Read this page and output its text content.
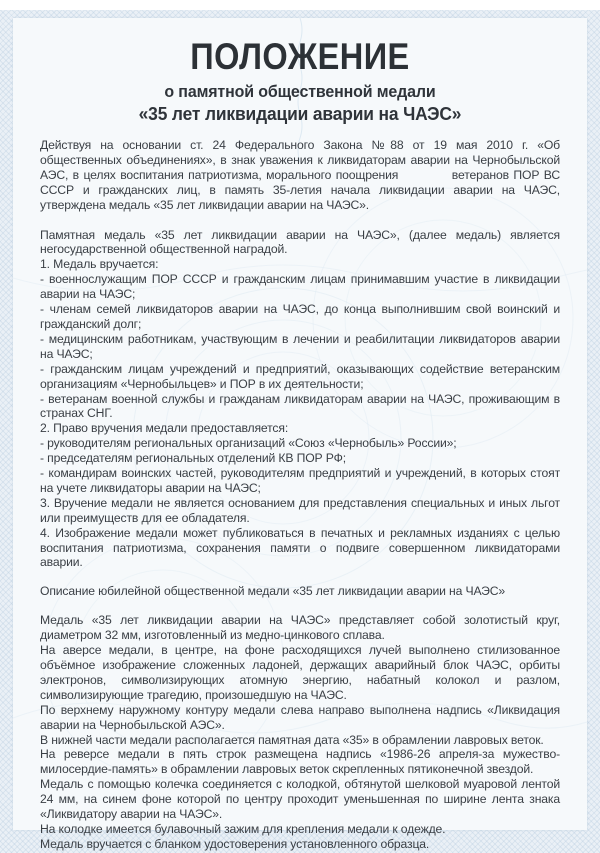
ПОЛОЖЕНИЕ
о памятной общественной медали
«35 лет ликвидации аварии на ЧАЭС»

Действуя на основании ст. 24 Федерального Закона №88 от 19 мая 2010 г. «Об общественных объединениях», в знак уважения к ликвидаторам аварии на Чернобыльской АЭС, в целях воспитания патриотизма, морального поощрения            ветеранов ПОР ВС СССР и гражданских лиц, в память 35-летия начала ликвидации аварии на ЧАЭС, утверждена медаль «35 лет ликвидации аварии на ЧАЭС».

Памятная медаль «35 лет ликвидации аварии на ЧАЭС», (далее медаль) является негосударственной общественной наградой.

1. Медаль вручается:

- военнослужащим ПОР СССР и гражданским лицам принимавшим участие в ликвидации аварии на ЧАЭС;

- членам семей ликвидаторов аварии на ЧАЭС, до конца выполнившим свой воинский и гражданский долг;

- медицинским работникам, участвующим в лечении и реабилитации ликвидаторов аварии на ЧАЭС;

- гражданским лицам учреждений и предприятий, оказывающих содействие ветеранским организациям «Чернобыльцев» и ПОР в их деятельности;

- ветеранам военной службы и гражданам ликвидаторам аварии на ЧАЭС, проживающим в странах СНГ.

2. Право вручения медали предоставляется:

- руководителям региональных организаций «Союз «Чернобыль» России»;

- председателям региональных отделений КВ ПОР РФ;

- командирам воинских частей, руководителям предприятий и учреждений, в которых стоят на учете ликвидаторы аварии на ЧАЭС;

3. Вручение медали не является основанием для представления специальных и иных льгот или преимуществ для ее обладателя.

4. Изображение медали может публиковаться в печатных и рекламных изданиях с целью воспитания патриотизма, сохранения памяти о подвиге совершенном ликвидаторами аварии.

Описание юбилейной общественной медали «35 лет ликвидации аварии на ЧАЭС»

Медаль «35 лет ликвидации аварии на ЧАЭС» представляет собой золотистый круг, диаметром 32 мм, изготовленный из медно-цинкового сплава.

На аверсе медали, в центре, на фоне расходящихся лучей выполнено стилизованное объёмное изображение сложенных ладоней, держащих аварийный блок ЧАЭС, орбиты электронов, символизирующих атомную энергию, набатный колокол и разлом, символизирующие трагедию, произошедшую на ЧАЭС.

По верхнему наружному контуру медали слева направо выполнена надпись «Ликвидация аварии на Чернобыльской АЭС».

В нижней части медали располагается памятная дата «35» в обрамлении лавровых веток.

На реверсе медали в пять строк размещена надпись «1986-26 апреля-за мужество-милосердие-память» в обрамлении лавровых веток скрепленных пятиконечной звездой.

Медаль с помощью колечка соединяется с колодкой, обтянутой шелковой муаровой лентой 24 мм, на синем фоне которой по центру проходит уменьшенная по ширине лента знака «Ликвидатору аварии на ЧАЭС».

На колодке имеется булавочный зажим для крепления медали к одежде.

Медаль вручается с бланком удостоверения установленного образца.
